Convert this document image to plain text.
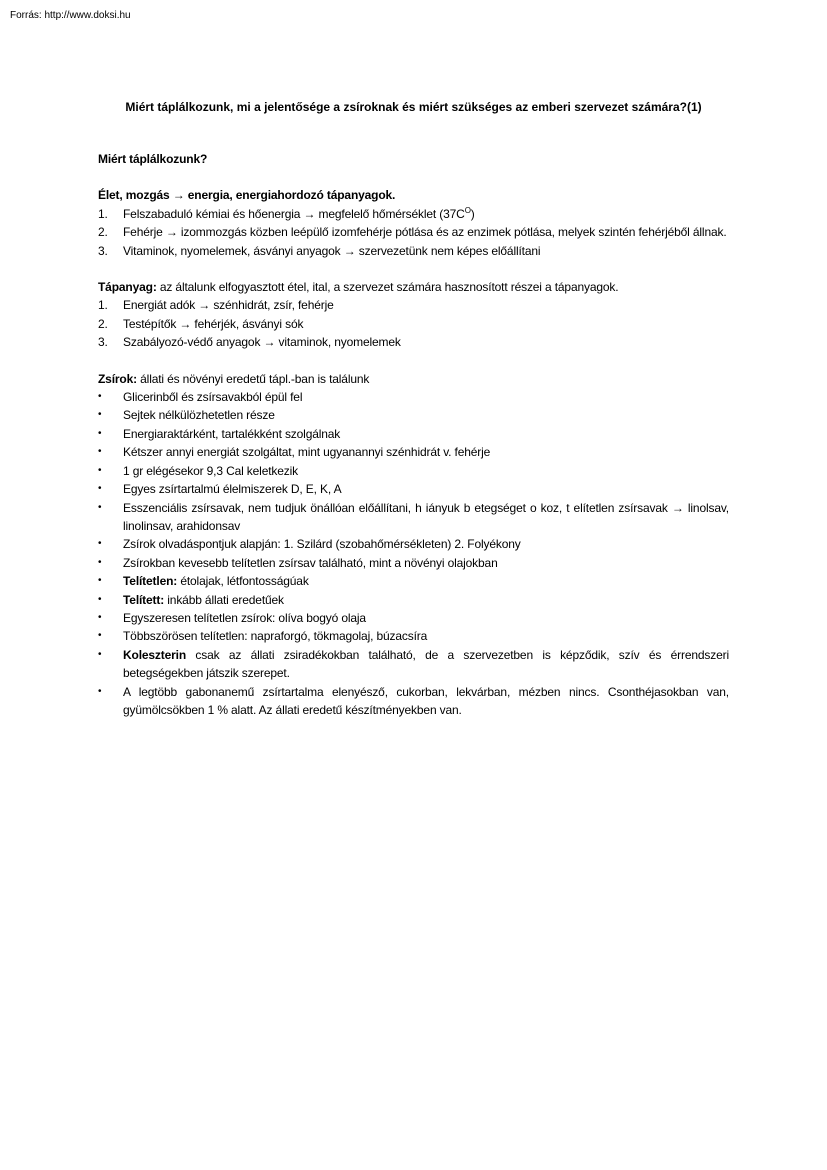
Forrás: http://www.doksi.hu
Miért táplálkozunk, mi a jelentősége a zsíroknak és miért szükséges az emberi szervezet számára?(1)
Miért táplálkozunk?
Élet, mozgás → energia, energiahordozó tápanyagok.
1.	Felszabaduló kémiai és hőenergia → megfelelő hőmérséklet $(37C^O)$
2.	Fehérje → izommozgás közben leépülő izomfehérje pótlása és az enzimek pótlása, melyek szintén fehérjéből állnak.
3.	Vitaminok, nyomelemek, ásványi anyagok → szervezetünk nem képes előállítani
Tápanyag: az általunk elfogyasztott étel, ital, a szervezet számára hasznosított részei a tápanyagok.
1.	Energiát adók → szénhidrát, zsír, fehérje
2.	Testépítők → fehérjék, ásványi sók
3.	Szabályozó-védő anyagok → vitaminok, nyomelemek
Zsírok: állati és növényi eredetű tápl.-ban is találunk
•	Glicerinből és zsírsavakból épül fel
•	Sejtek nélkülözhetetlen része
•	Energiaraktárként, tartalékként szolgálnak
•	Kétszer annyi energiát szolgáltat, mint ugyanannyi szénhidrát v. fehérje
•	1 gr elégésekor 9,3 Cal keletkezik
•	Egyes zsírtartalmú élelmiszerek D, E, K, A
•	Esszenciális zsírsavak, nem tudjuk önállóan előállítani, h iányuk b etegséget o koz, t elítetlen zsírsavak → linolsav, linolinsav, arahidonsav
•	Zsírok olvadáspontjuk alapján: 1. Szilárd (szobahőmérsékleten) 2. Folyékony
•	Zsírokban kevesebb telítetlen zsírsav található, mint a növényi olajokban
•	Telítetlen: étolajak, létfontosságúak
•	Telített: inkább állati eredetűek
•	Egyszeresen telítetlen zsírok: olíva bogyó olaja
•	Többszörösen telítetlen: napraforgó, tökmagolaj, búzacsíra
•	Koleszterin csak az állati zsiradékokban található, de a szervezetben is képződik, szív és érrendszeri betegségekben játszik szerepet.
•	A legtöbb gabonanemű zsírtartalma elenyésző, cukorban, lekvárban, mézben nincs. Csonthéjasokban van, gyümölcsökben 1 % alatt. Az állati eredetű készítményekben van.
